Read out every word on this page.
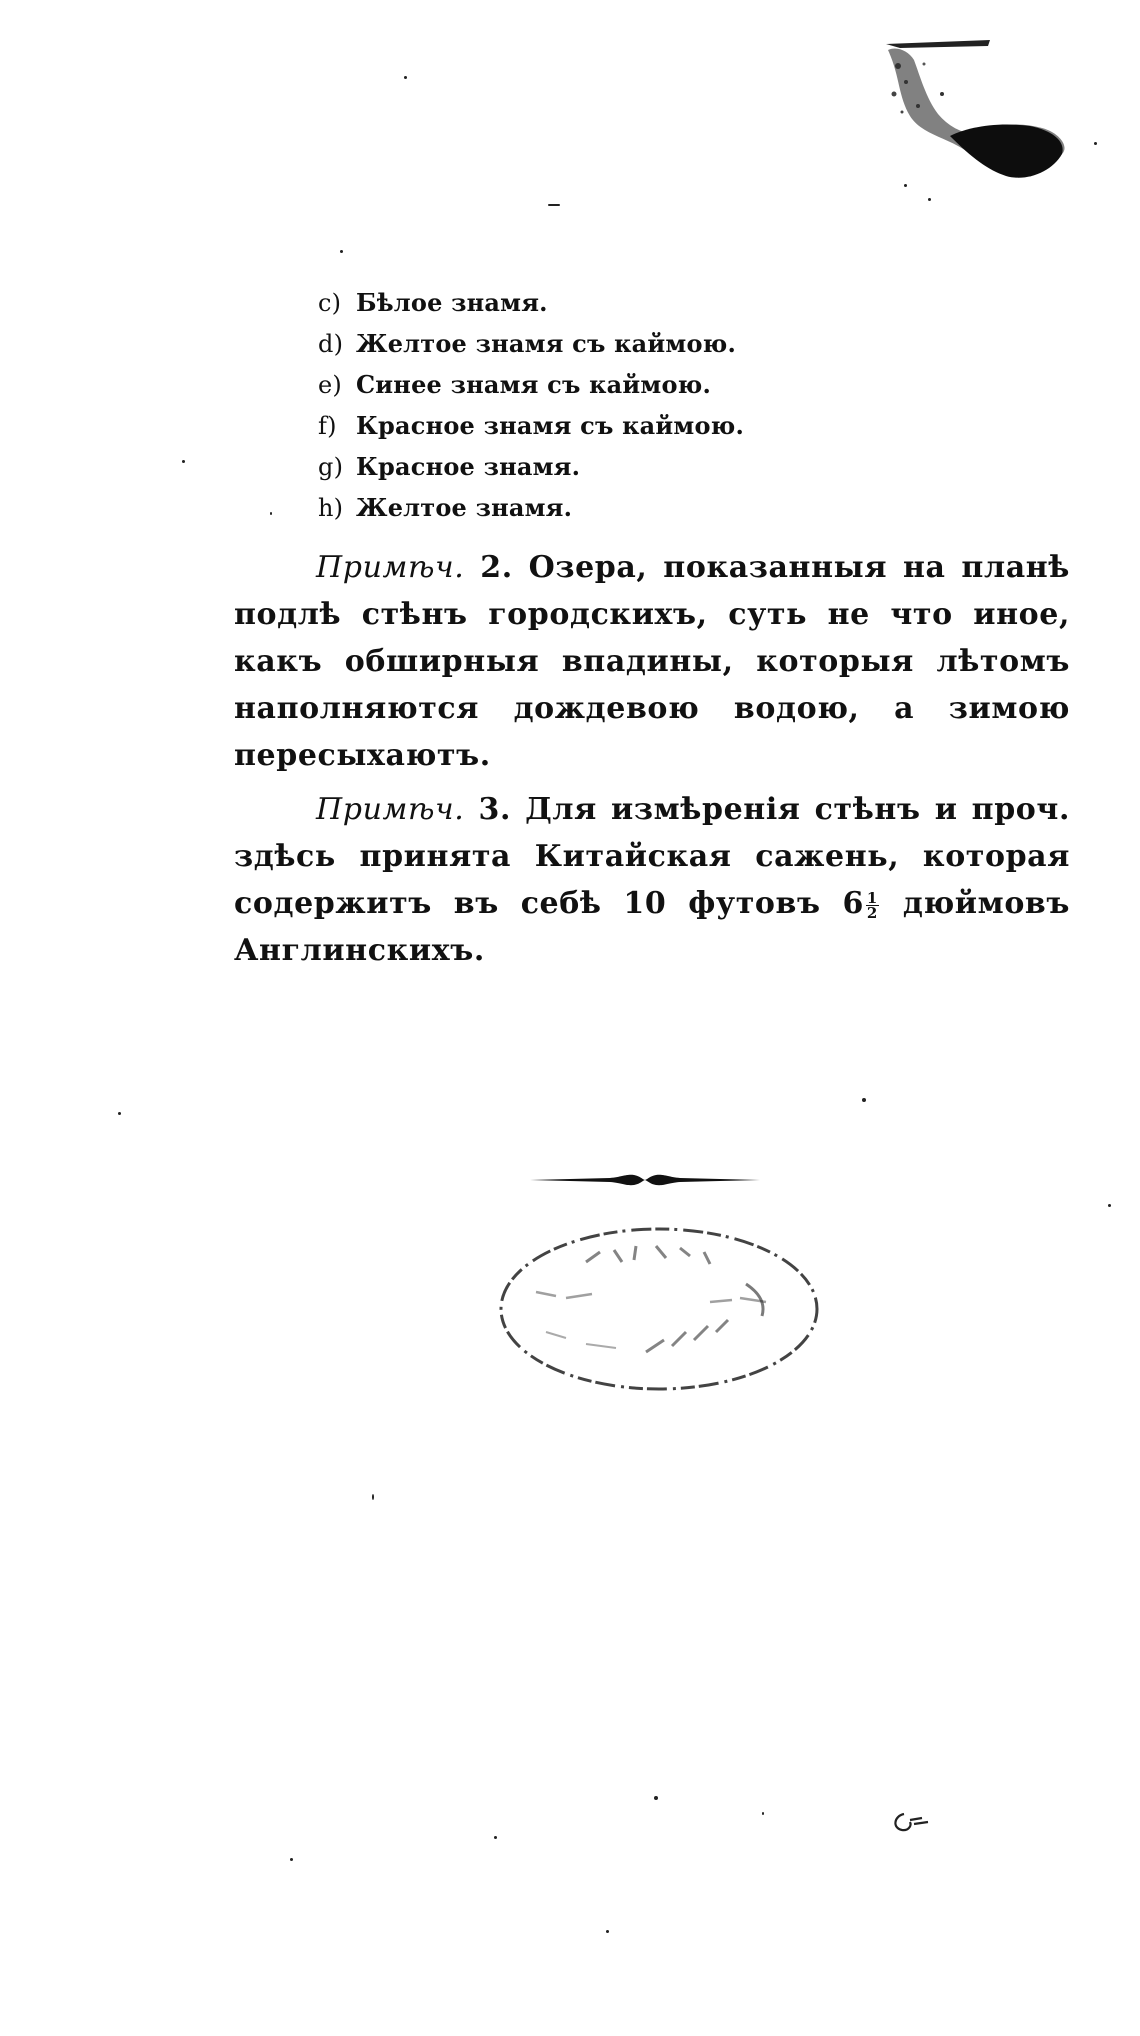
c) Бѣлое знамя.
d) Желтое знамя съ каймою.
e) Синее знамя съ каймою.
f) Красное знамя съ каймою.
g) Красное знамя.
h) Желтое знамя.

Примѣч. 2. Озера, показанныя на планѣ подлѣ стѣнъ городскихъ, суть не что иное, какъ обширныя впадины, которыя лѣтомъ наполняются дождевою водою, а зимою пересыхаютъ.

Примѣч. 3. Для измѣренія стѣнъ и проч. здѣсь принята Китайская сажень, которая содержитъ въ себѣ 10 футовъ $6 \frac{1}{2}$ дюймовъ Англинскихъ.
